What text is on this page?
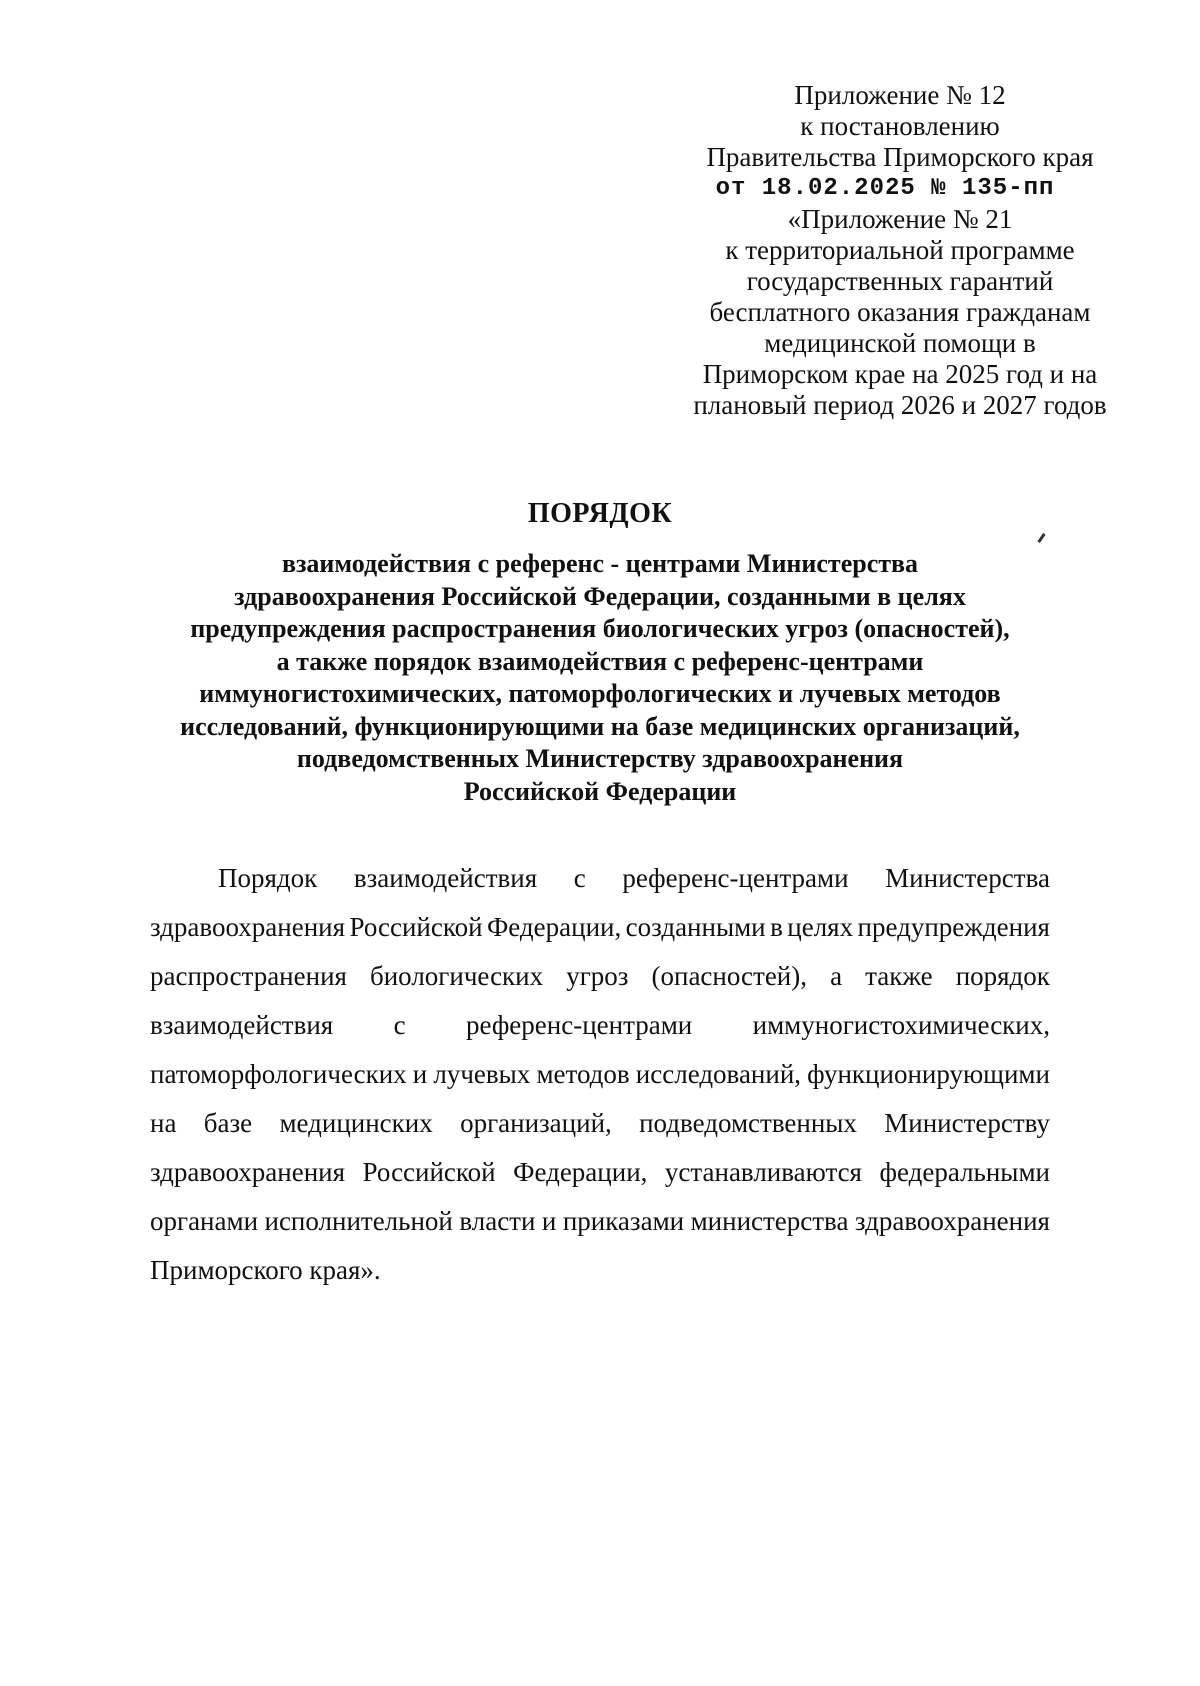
Приложение № 12
к постановлению
Правительства Приморского края
от 18.02.2025 № 135-пп
«Приложение № 21
к территориальной программе
государственных гарантий
бесплатного оказания гражданам
медицинской помощи в
Приморском крае на 2025 год и на
плановый период 2026 и 2027 годов
ПОРЯДОК
взаимодействия с референс - центрами Министерства
здравоохранения Российской Федерации, созданными в целях
предупреждения распространения биологических угроз (опасностей),
а также порядок взаимодействия с референс-центрами
иммуногистохимических, патоморфологических и лучевых методов
исследований, функционирующими на базе медицинских организаций,
подведомственных Министерству здравоохранения
Российской Федерации
Порядок взаимодействия с референс-центрами Министерства
здравоохранения Российской Федерации, созданными в целях предупреждения
распространения биологических угроз (опасностей), а также порядок
взаимодействия с референс-центрами иммуногистохимических,
патоморфологических и лучевых методов исследований, функционирующими
на базе медицинских организаций, подведомственных Министерству
здравоохранения Российской Федерации, устанавливаются федеральными
органами исполнительной власти и приказами министерства здравоохранения
Приморского края».
